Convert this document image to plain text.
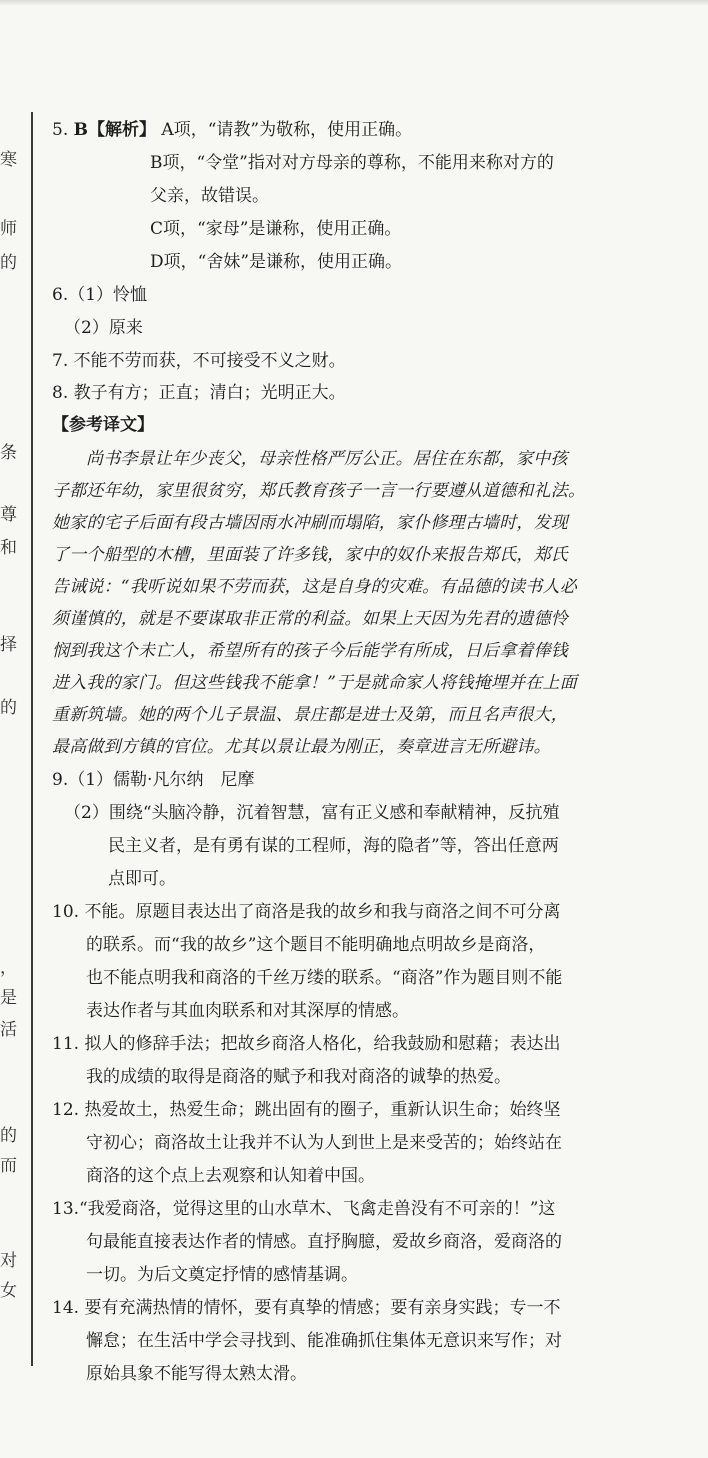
寒
师
的
条
尊
和
择
的
，
是
活
的
而
对
女
5. B【解析】 A项，“请教”为敬称，使用正确。
B项，“令堂”指对对方母亲的尊称，不能用来称对方的
父亲，故错误。
C项，“家母”是谦称，使用正确。
D项，“舍妹”是谦称，使用正确。
6.（1）怜恤
（2）原来
7. 不能不劳而获，不可接受不义之财。
8. 教子有方；正直；清白；光明正大。
【参考译文】
尚书李景让年少丧父，母亲性格严厉公正。居住在东都，家中孩
子都还年幼，家里很贫穷，郑氏教育孩子一言一行要遵从道德和礼法。
她家的宅子后面有段古墙因雨水冲刷而塌陷，家仆修理古墙时，发现
了一个船型的木槽，里面装了许多钱，家中的奴仆来报告郑氏，郑氏
告诫说：“我听说如果不劳而获，这是自身的灾难。有品德的读书人必
须谨慎的，就是不要谋取非正常的利益。如果上天因为先君的遗德怜
悯到我这个未亡人，希望所有的孩子今后能学有所成，日后拿着俸钱
进入我的家门。但这些钱我不能拿！”于是就命家人将钱掩埋并在上面
重新筑墙。她的两个儿子景温、景庄都是进士及第，而且名声很大，
最高做到方镇的官位。尤其以景让最为刚正，奏章进言无所避讳。
9.（1）儒勒·凡尔纳　尼摩
（2）围绕“头脑冷静，沉着智慧，富有正义感和奉献精神，反抗殖
民主义者，是有勇有谋的工程师，海的隐者”等，答出任意两
点即可。
10. 不能。原题目表达出了商洛是我的故乡和我与商洛之间不可分离
的联系。而“我的故乡”这个题目不能明确地点明故乡是商洛，
也不能点明我和商洛的千丝万缕的联系。“商洛”作为题目则不能
表达作者与其血肉联系和对其深厚的情感。
11. 拟人的修辞手法；把故乡商洛人格化，给我鼓励和慰藉；表达出
我的成绩的取得是商洛的赋予和我对商洛的诚挚的热爱。
12. 热爱故土，热爱生命；跳出固有的圈子，重新认识生命；始终坚
守初心；商洛故土让我并不认为人到世上是来受苦的；始终站在
商洛的这个点上去观察和认知着中国。
13.“我爱商洛，觉得这里的山水草木、飞禽走兽没有不可亲的！”这
句最能直接表达作者的情感。直抒胸臆，爱故乡商洛，爱商洛的
一切。为后文奠定抒情的感情基调。
14. 要有充满热情的情怀，要有真挚的情感；要有亲身实践；专一不
懈怠；在生活中学会寻找到、能准确抓住集体无意识来写作；对
原始具象不能写得太熟太滑。
